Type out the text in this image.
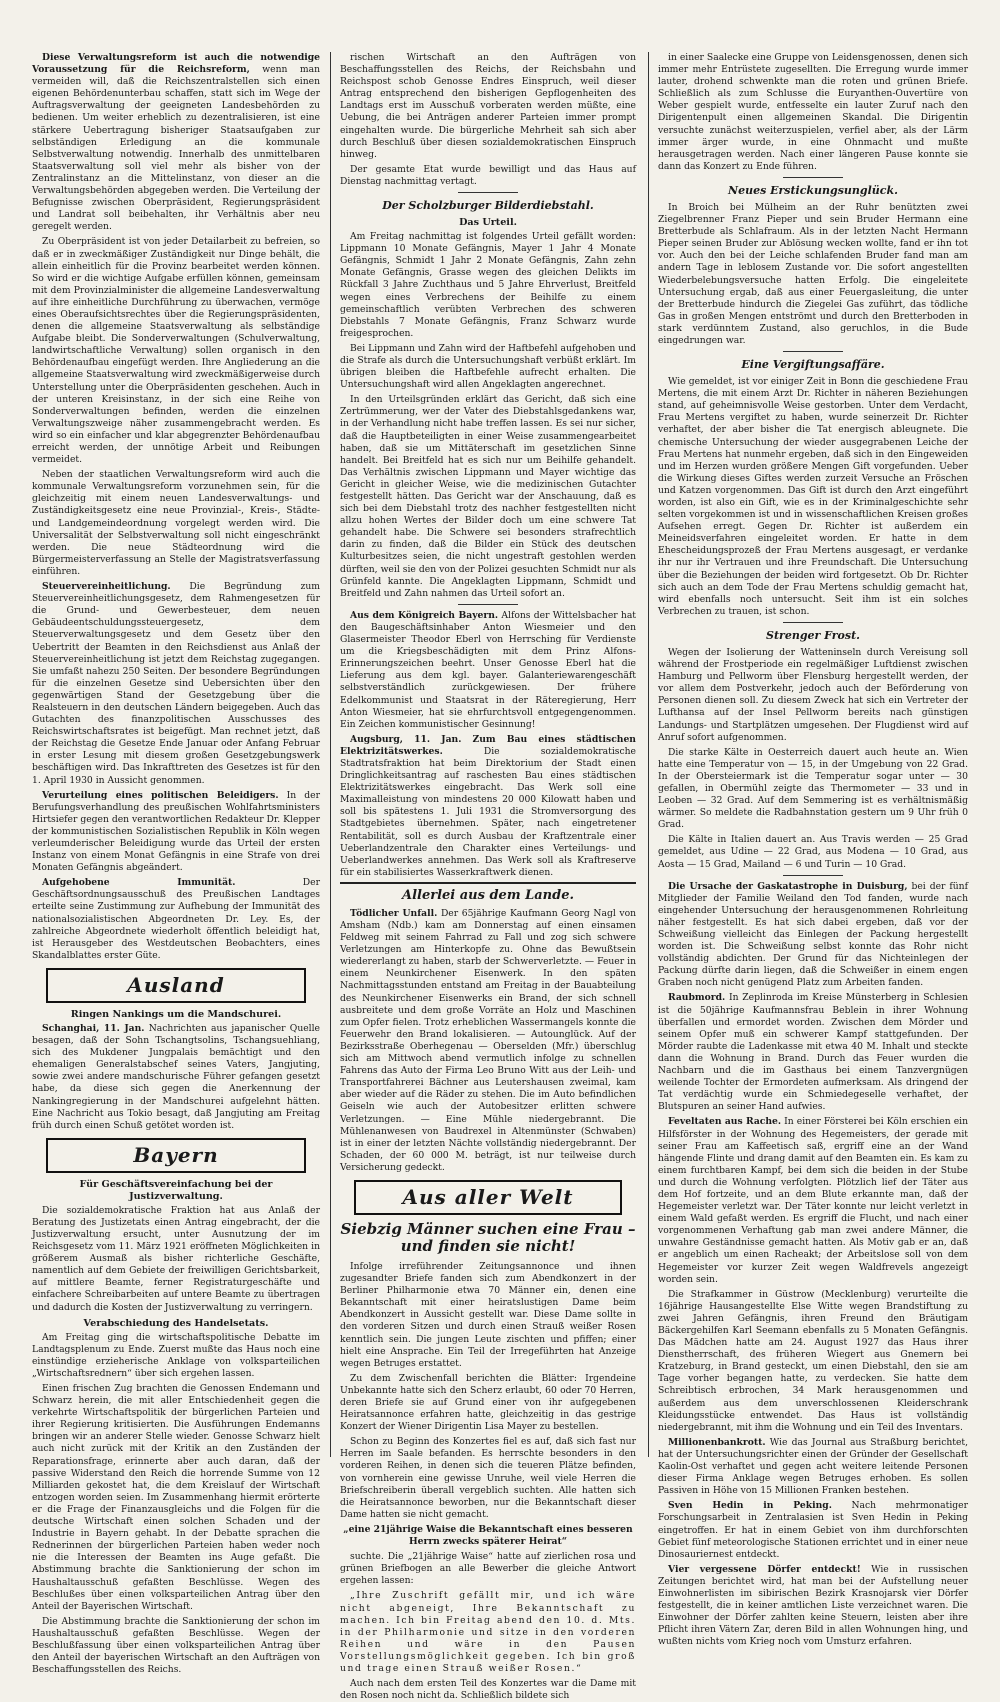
Diese Verwaltungsreform ist auch die notwendige Voraussetzung für die Reichsreform, wenn man vermeiden will, daß die Reichszentralstellen sich einen eigenen Behördenunterbau schaffen, statt sich im Wege der Auftragsverwaltung der geeigneten Landesbehörden zu bedienen. Um weiter erheblich zu dezentralisieren, ist eine stärkere Uebertragung bisheriger Staatsaufgaben zur selbständigen Erledigung an die kommunale Selbstverwaltung notwendig. Innerhalb des unmittelbaren Staatsverwaltung soll viel mehr als bisher von der Zentralinstanz an die Mittelinstanz, von dieser an die Verwaltungsbehörden abgegeben werden. Die Verteilung der Befugnisse zwischen Oberpräsident, Regierungspräsident und Landrat soll beibehalten, ihr Verhältnis aber neu geregelt werden.

Zu Oberpräsident ist von jeder Detailarbeit zu befreien, so daß er in zweckmäßiger Zuständigkeit nur Dinge behält, die allein einheitlich für die Provinz bearbeitet werden können. So wird er die wichtige Aufgabe erfüllen können, gemeinsam mit dem Provinzialminister die allgemeine Landesverwaltung auf ihre einheitliche Durchführung zu überwachen, vermöge eines Oberaufsichtsrechtes über die Regierungspräsidenten, denen die allgemeine Staatsverwaltung als selbständige Aufgabe bleibt. Die Sonderverwaltungen (Schulverwaltung, landwirtschaftliche Verwaltung) sollen organisch in den Behördenaufbau eingefügt werden. Ihre Angliederung an die allgemeine Staatsverwaltung wird zweckmäßigerweise durch Unterstellung unter die Oberpräsidenten geschehen. Auch in der unteren Kreisinstanz, in der sich eine Reihe von Sonderverwaltungen befinden, werden die einzelnen Verwaltungszweige näher zusammengebracht werden. Es wird so ein einfacher und klar abgegrenzter Behördenaufbau erreicht werden, der unnötige Arbeit und Reibungen vermeidet.

Neben der staatlichen Verwaltungsreform wird auch die kommunale Verwaltungsreform vorzunehmen sein, für die gleichzeitig mit einem neuen Landesverwaltungs- und Zuständigkeitsgesetz eine neue Provinzial-, Kreis-, Städte- und Landgemeindeordnung vorgelegt werden wird. Die Universalität der Selbstverwaltung soll nicht eingeschränkt werden. Die neue Städteordnung wird die Bürgermeisterverfassung an Stelle der Magistratsverfassung einführen.

Steuervereinheitlichung. Die Begründung zum Steuervereinheitlichungsgesetz, dem Rahmengesetzen für die Grund- und Gewerbesteuer, dem neuen Gebäudeentschuldungssteuergesetz, dem Steuerverwaltungsgesetz und dem Gesetz über den Uebertritt der Beamten in den Reichsdienst aus Anlaß der Steuervereinheitlichung ist jetzt dem Reichstag zugegangen. Sie umfaßt nahezu 250 Seiten. Der besondere Begründungen für die einzelnen Gesetze sind Uebersichten über den gegenwärtigen Stand der Gesetzgebung über die Realsteuern in den deutschen Ländern beigegeben. Auch das Gutachten des finanzpolitischen Ausschusses des Reichswirtschaftsrates ist beigefügt. Man rechnet jetzt, daß der Reichstag die Gesetze Ende Januar oder Anfang Februar in erster Lesung mit diesem großen Gesetzgebungswerk beschäftigen wird. Das Inkrafttreten des Gesetzes ist für den 1. April 1930 in Aussicht genommen.

Verurteilung eines politischen Beleidigers. In der Berufungsverhandlung des preußischen Wohlfahrtsministers Hirtsiefer gegen den verantwortlichen Redakteur Dr. Klepper der kommunistischen Sozialistischen Republik in Köln wegen verleumderischer Beleidigung wurde das Urteil der ersten Instanz von einem Monat Gefängnis in eine Strafe von drei Monaten Gefängnis abgeändert.

Aufgehobene Immunität.	Der Geschäftsordnungsausschuß des Preußischen Landtages erteilte seine Zustimmung zur Aufhebung der Immunität des nationalsozialistischen Abgeordneten Dr. Ley. Es, der zahlreiche Abgeordnete wiederholt öffentlich beleidigt hat, ist Herausgeber des Westdeutschen Beobachters, eines Skandalblattes erster Güte.

Ausland
Ringen Nankings um die Mandschurei.

Schanghai, 11. Jan. Nachrichten aus japanischer Quelle besagen, daß der Sohn Tschangtsolins, Tschangsuehliang, sich des Mukdener Jungpalais bemächtigt und den ehemaligen Generalstabschef seines Vaters, Jangjuting, sowie zwei andere mandschurische Führer gefangen gesetzt habe, da diese sich gegen die Anerkennung der Nankingregierung in der Mandschurei aufgelehnt hätten. Eine Nachricht aus Tokio besagt, daß Jangjuting am Freitag früh durch einen Schuß getötet worden ist.

Bayern
Für Geschäftsvereinfachung bei der Justizverwaltung.

Die sozialdemokratische Fraktion hat aus Anlaß der Beratung des Justizetats einen Antrag eingebracht, der die Justizverwaltung ersucht, unter Ausnutzung der im Reichsgesetz vom 11. März 1921 eröffneten Möglichkeiten in größerem Ausmaß als bisher richterliche Geschäfte, namentlich auf dem Gebiete der freiwilligen Gerichtsbarkeit, auf mittlere Beamte, ferner Registraturgeschäfte und einfachere Schreibarbeiten auf untere Beamte zu übertragen und dadurch die Kosten der Justizverwaltung zu verringern.

Verabschiedung des Handelsetats.

Am Freitag ging die wirtschaftspolitische Debatte im Landtagsplenum zu Ende. Zuerst mußte das Haus noch eine einstündige erzieherische Anklage von volksparteilichen „Wirtschaftsrednern“ über sich ergehen lassen.

Einen frischen Zug brachten die Genossen Endemann und Schwarz herein, die mit aller Entschiedenheit gegen die verkehrte Wirtschaftspolitik der bürgerlichen Parteien und ihrer Regierung kritisierten. Die Ausführungen Endemanns bringen wir an anderer Stelle wieder. Genosse Schwarz hielt auch nicht zurück mit der Kritik an den Zuständen der Reparationsfrage, erinnerte aber auch daran, daß der passive Widerstand den Reich die horrende Summe von 12 Milliarden gekostet hat, die dem Kreislauf der Wirtschaft entzogen worden seien. Im Zusammenhang hiermit erörterte er die Frage der Finanzausgleichs und die Folgen für die deutsche Wirtschaft einen solchen Schaden und der Industrie in Bayern gehabt. In der Debatte sprachen die Rednerinnen der bürgerlichen Parteien haben weder noch nie die Interessen der Beamten ins Auge gefaßt. Die Abstimmung brachte die Sanktionierung der schon im Haushaltausschuß gefaßten Beschlüsse. Wegen des Beschlußes über einen volksparteilichen Antrag über den Anteil der Bayerischen Wirtschaft.

Die Abstimmung brachte die Sanktionierung der schon im Haushaltausschuß gefaßten Beschlüsse. Wegen der Beschlußfassung über einen volksparteilichen Antrag über den Anteil der bayerischen Wirtschaft an den Aufträgen von Beschaffungsstellen des Reichs.

rischen Wirtschaft an den Aufträgen von Beschaffungsstellen des Reichs, der Reichsbahn und Reichspost schob Genosse Endres Einspruch, weil dieser Antrag entsprechend den bisherigen Gepflogenheiten des Landtags erst im Ausschuß vorberaten werden müßte, eine Uebung, die bei Anträgen anderer Parteien immer prompt eingehalten wurde. Die bürgerliche Mehrheit sah sich aber durch Beschluß über diesen sozialdemokratischen Einspruch hinweg.

Der gesamte Etat wurde bewilligt und das Haus auf Dienstag nachmittag vertagt.

Der Scholzburger Bilderdiebstahl.
Das Urteil.

Am Freitag nachmittag ist folgendes Urteil gefällt worden: Lippmann 10 Monate Gefängnis, Mayer 1 Jahr 4 Monate Gefängnis, Schmidt 1 Jahr 2 Monate Gefängnis, Zahn zehn Monate Gefängnis, Grasse wegen des gleichen Delikts im Rückfall 3 Jahre Zuchthaus und 5 Jahre Ehrverlust, Breitfeld wegen eines Verbrechens der Beihilfe zu einem gemeinschaftlich verübten Verbrechen des schweren Diebstahls 7 Monate Gefängnis, Franz Schwarz wurde freigesprochen.

Bei Lippmann und Zahn wird der Haftbefehl aufgehoben und die Strafe als durch die Untersuchungshaft verbüßt erklärt. Im übrigen bleiben die Haftbefehle aufrecht erhalten. Die Untersuchungshaft wird allen Angeklagten angerechnet.

In den Urteilsgründen erklärt das Gericht, daß sich eine Zertrümmerung, wer der Vater des Diebstahlsgedankens war, in der Verhandlung nicht habe treffen lassen. Es sei nur sicher, daß die Hauptbeteiligten in einer Weise zusammengearbeitet haben, daß sie um Mittäterschaft im gesetzlichen Sinne handelt. Bei Breitfeld hat es sich nur um Beihilfe gehandelt. Das Verhältnis zwischen Lippmann und Mayer wichtige das Gericht in gleicher Weise, wie die medizinischen Gutachter festgestellt hätten. Das Gericht war der Anschauung, daß es sich bei dem Diebstahl trotz des nachher festgestellten nicht allzu hohen Wertes der Bilder doch um eine schwere Tat gehandelt habe. Die Schwere sei besonders strafrechtlich darin zu finden, daß die Bilder ein Stück des deutschen Kulturbesitzes seien, die nicht ungestraft gestohlen werden dürften, weil sie den von der Polizei gesuchten Schmidt nur als Grünfeld kannte. Die Angeklagten Lippmann, Schmidt und Breitfeld und Zahn nahmen das Urteil sofort an.

Aus dem Königreich Bayern. Alfons der Wittelsbacher hat den Baugeschäftsinhaber Anton Wiesmeier und den Glasermeister Theodor Eberl von Herrsching für Verdienste um die Kriegsbeschädigten mit dem Prinz Alfons-Erinnerungszeichen beehrt. Unser Genosse Eberl hat die Lieferung aus dem kgl. bayer. Galanteriewarengeschäft selbstverständlich zurückgewiesen. Der frühere Edelkommunist und Staatsrat in der Räteregierung, Herr Anton Wiesmeier, hat sie ehrfurchtsvoll entgegengenommen. Ein Zeichen kommunistischer Gesinnung!

Augsburg, 11. Jan. Zum Bau eines städtischen Elektrizitätswerkes.	Die sozialdemokratische Stadtratsfraktion hat beim Direktorium der Stadt einen Dringlichkeitsantrag auf raschesten Bau eines städtischen Elektrizitätswerkes eingebracht. Das Werk soll eine Maximalleistung von mindestens 20 000 Kilowatt haben und soll bis spätestens 1. Juli 1931 die Stromversorgung des Stadtgebietes übernehmen. Später, nach eingetretener Rentabilität, soll es durch Ausbau der Kraftzentrale einer Ueberlandzentrale den Charakter eines Verteilungs- und Ueberlandwerkes annehmen. Das Werk soll als Kraftreserve für ein stabilisiertes Wasserkraftwerk dienen.

Allerlei aus dem Lande.

Tödlicher Unfall. Der 65jährige Kaufmann Georg Nagl von Amsham (Ndb.) kam am Donnerstag auf einen einsamen Feldweg mit seinem Fahrrad zu Fall und zog sich schwere Verletzungen am Hinterkopfe zu. Ohne das Bewußtsein wiedererlangt zu haben, starb der Schwerverletzte. — Feuer in einem Neunkirchener Eisenwerk. In den späten Nachmittagsstunden entstand am Freitag in der Bauabteilung des Neunkirchener Eisenwerks ein Brand, der sich schnell ausbreitete und dem große Vorräte an Holz und Maschinen zum Opfer fielen. Trotz erheblichen Wassermangels konnte die Feuerwehr den Brand lokalisieren. — Autounglück. Auf der Bezirksstraße Oberhegenau — Oberselden (Mfr.) überschlug sich am Mittwoch abend vermutlich infolge zu schnellen Fahrens das Auto der Firma Leo Bruno Witt aus der Leih- und Transportfahrerei Bächner aus Leutershausen zweimal, kam aber wieder auf die Räder zu stehen. Die im Auto befindlichen Geiseln wie auch der Autobesitzer erlitten schwere Verletzungen. — Eine Mühle niedergebrannt. Die Mühlenanwesen von Baudrexel in Altenmünster (Schwaben) ist in einer der letzten Nächte vollständig niedergebrannt. Der Schaden, der 60 000 M. beträgt, ist nur teilweise durch Versicherung gedeckt.

Aus aller Welt
Siebzig Männer suchen eine Frau – und finden sie nicht!

Infolge irreführender Zeitungsannonce und ihnen zugesandter Briefe fanden sich zum Abendkonzert in der Berliner Philharmonie etwa 70 Männer ein, denen eine Bekanntschaft mit einer heiratslustigen Dame beim Abendkonzert in Aussicht gestellt war. Diese Dame sollte in den vorderen Sitzen und durch einen Strauß weißer Rosen kenntlich sein. Die jungen Leute zischten und pfiffen; einer hielt eine Ansprache. Ein Teil der Irregeführten hat Anzeige wegen Betruges erstattet.

Zu dem Zwischenfall berichten die Blätter: Irgendeine Unbekannte hatte sich den Scherz erlaubt, 60 oder 70 Herren, deren Briefe sie auf Grund einer von ihr aufgegebenen Heiratsannonce erfahren hatte, gleichzeitig in das gestrige Konzert der Wiener Dirigentin Lisa Mayer zu bestellen.

Schon zu Beginn des Konzertes fiel es auf, daß sich fast nur Herren im Saale befanden. Es herrschte besonders in den vorderen Reihen, in denen sich die teueren Plätze befinden, von vornherein eine gewisse Unruhe, weil viele Herren die Briefschreiberin überall vergeblich suchten. Alle hatten sich die Heiratsannonce beworben, nur die Bekanntschaft dieser Dame hatten sie nicht gemacht.

„eine 21jährige Waise die Bekanntschaft eines besseren Herrn zwecks späterer Heirat“

suchte. Die „21jährige Waise“ hatte auf zierlichen rosa und grünen Briefbogen an alle Bewerber die gleiche Antwort ergehen lassen:

„Ihre Zuschrift gefällt mir, und ich wäre nicht abgeneigt, Ihre Bekanntschaft zu machen. Ich bin Freitag abend den 10. d. Mts. in der Philharmonie und sitze in den vorderen Reihen und wäre in den Pausen Vorstellungsmöglichkeit gegeben. Ich bin groß und trage einen Strauß weißer Rosen.“

Auch nach dem ersten Teil des Konzertes war die Dame mit den Rosen noch nicht da. Schließlich bildete sich

in einer Saalecke eine Gruppe von Leidensgenossen, denen sich immer mehr Entrüstete zugesellten. Die Erregung wurde immer lauter, drohend schwenkte man die roten und grünen Briefe. Schließlich als zum Schlusse die Euryanthen-Ouvertüre von Weber gespielt wurde, entfesselte ein lauter Zuruf nach den Dirigentenpult einen allgemeinen Skandal. Die Dirigentin versuchte zunächst weiterzuspielen, verfiel aber, als der Lärm immer ärger wurde, in eine Ohnmacht und mußte herausgetragen werden. Nach einer längeren Pause konnte sie dann das Konzert zu Ende führen.

Neues Erstickungsunglück.

In Broich bei Mülheim an der Ruhr benützten zwei Ziegelbrenner Franz Pieper und sein Bruder Hermann eine Bretterbude als Schlafraum. Als in der letzten Nacht Hermann Pieper seinen Bruder zur Ablösung wecken wollte, fand er ihn tot vor. Auch den bei der Leiche schlafenden Bruder fand man am andern Tage in leblosem Zustande vor. Die sofort angestellten Wiederbelebungsversuche hatten Erfolg. Die eingeleitete Untersuchung ergab, daß aus einer Feuergasleitung, die unter der Bretterbude hindurch die Ziegelei Gas zuführt, das tödliche Gas in großen Mengen entströmt und durch den Bretterboden in stark verdünntem Zustand, also geruchlos, in die Bude eingedrungen war.

Eine Vergiftungsaffäre.

Wie gemeldet, ist vor einiger Zeit in Bonn die geschiedene Frau Mertens, die mit einem Arzt Dr. Richter in näheren Beziehungen stand, auf geheimnisvolle Weise gestorben. Unter dem Verdacht, Frau Mertens vergiftet zu haben, wurde seinerzeit Dr. Richter verhaftet, der aber bisher die Tat energisch ableugnete. Die chemische Untersuchung der wieder ausgegrabenen Leiche der Frau Mertens hat nunmehr ergeben, daß sich in den Eingeweiden und im Herzen wurden größere Mengen Gift vorgefunden. Ueber die Wirkung dieses Giftes werden zurzeit Versuche an Fröschen und Katzen vorgenommen. Das Gift ist durch den Arzt eingeführt worden, ist also ein Gift, wie es in der Kriminalgeschichte sehr selten vorgekommen ist und in wissenschaftlichen Kreisen großes Aufsehen erregt. Gegen Dr. Richter ist außerdem ein Meineidsverfahren eingeleitet worden. Er hatte in dem Ehescheidungsprozeß der Frau Mertens ausgesagt, er verdanke ihr nur ihr Vertrauen und ihre Freundschaft. Die Untersuchung über die Beziehungen der beiden wird fortgesetzt. Ob Dr. Richter sich auch an dem Tode der Frau Mertens schuldig gemacht hat, wird ebenfalls noch untersucht. Seit ihm ist ein solches Verbrechen zu trauen, ist schon.

Strenger Frost.

Wegen der Isolierung der Watteninseln durch Vereisung soll während der Frostperiode ein regelmäßiger Luftdienst zwischen Hamburg und Pellworm über Flensburg hergestellt werden, der vor allem dem Postverkehr, jedoch auch der Beförderung von Personen dienen soll. Zu diesem Zweck hat sich ein Vertreter der Lufthansa auf der Insel Pellworm bereits nach günstigen Landungs- und Startplätzen umgesehen. Der Flugdienst wird auf Anruf sofort aufgenommen.

Die starke Kälte in Oesterreich dauert auch heute an. Wien hatte eine Temperatur von — 15, in der Umgebung von 22 Grad. In der Obersteiermark ist die Temperatur sogar unter — 30 gefallen, in Obermühl zeigte das Thermometer — 33 und in Leoben — 32 Grad. Auf dem Semmering ist es verhältnismäßig wärmer. So meldete die Radbahnstation gestern um 9 Uhr früh 0 Grad.

Die Kälte in Italien dauert an. Aus Travis werden — 25 Grad gemeldet, aus Udine — 22 Grad, aus Modena — 10 Grad, aus Aosta — 15 Grad, Mailand — 6 und Turin — 10 Grad.

Die Ursache der Gaskatastrophe in Duisburg, bei der fünf Mitglieder der Familie Weiland den Tod fanden, wurde nach eingehender Untersuchung der herausgenommenen Rohrleitung näher festgestellt. Es hat sich dabei ergeben, daß vor der Schweißung vielleicht das Einlegen der Packung hergestellt worden ist. Die Schweißung selbst konnte das Rohr nicht vollständig abdichten. Der Grund für das Nichteinlegen der Packung dürfte darin liegen, daß die Schweißer in einem engen Graben noch nicht genügend Platz zum Arbeiten fanden.

Raubmord. In Zeplinroda im Kreise Münsterberg in Schlesien ist die 50jährige Kaufmannsfrau Beblein in ihrer Wohnung überfallen und ermordet worden. Zwischen dem Mörder und seinem Opfer muß ein schwerer Kampf stattgefunden. Der Mörder raubte die Ladenkasse mit etwa 40 M. Inhalt und steckte dann die Wohnung in Brand. Durch das Feuer wurden die Nachbarn und die im Gasthaus bei einem Tanzvergnügen weilende Tochter der Ermordeten aufmerksam. Als dringend der Tat verdächtig wurde ein Schmiedegeselle verhaftet, der Blutspuren an seiner Hand aufwies.

Feveltaten aus Rache. In einer Försterei bei Köln erschien ein Hilfsförster in der Wohnung des Hegemeisters, der gerade mit seiner Frau am Kaffeetisch saß, ergriff eine an der Wand hängende Flinte und drang damit auf den Beamten ein. Es kam zu einem furchtbaren Kampf, bei dem sich die beiden in der Stube und durch die Wohnung verfolgten. Plötzlich lief der Täter aus dem Hof fortzeite, und an dem Blute erkannte man, daß der Hegemeister verletzt war. Der Täter konnte nur leicht verletzt in einem Wald gefaßt werden. Es ergriff die Flucht, und nach einer vorgenommenen Verhaftung gab man zwei andere Männer, die unwahre Geständnisse gemacht hatten. Als Motiv gab er an, daß er angeblich um einen Racheakt; der Arbeitslose soll von dem Hegemeister vor kurzer Zeit wegen Waldfrevels angezeigt worden sein.

Die Strafkammer in Güstrow (Mecklenburg) verurteilte die 16jährige Hausangestellte Else Witte wegen Brandstiftung zu zwei Jahren Gefängnis, ihren Freund den Bräutigam Bäckergehilfen Karl Seemann ebenfalls zu 5 Monaten Gefängnis. Das Mädchen hatte am 24. August 1927 das Haus ihrer Dienstherrschaft, des früheren Wiegert aus Gnemern bei Kratzeburg, in Brand gesteckt, um einen Diebstahl, den sie am Tage vorher begangen hatte, zu verdecken. Sie hatte dem Schreibtisch erbrochen, 34 Mark herausgenommen und außerdem aus dem unverschlossenen Kleiderschrank Kleidungsstücke entwendet. Das Haus ist vollständig niedergebrannt, mit ihm die Wohnung und ein Teil des Inventars.

Millionenbankrott. Wie das Journal aus Straßburg berichtet, hat der Untersuchungsrichter einen der Gründer der Gesellschaft Kaolin-Ost verhaftet und gegen acht weitere leitende Personen dieser Firma Anklage wegen Betruges erhoben. Es sollen Passiven in Höhe von 15 Millionen Franken bestehen.

Sven Hedin in Peking. Nach mehrmonatiger Forschungsarbeit in Zentralasien ist Sven Hedin in Peking eingetroffen. Er hat in einem Gebiet von ihm durchforschten Gebiet fünf meteorologische Stationen errichtet und in einer neue Dinosauriernest entdeckt.

Vier vergessene Dörfer entdeckt! Wie in russischen Zeitungen berichtet wird, hat man bei der Aufstellung neuer Einwohnerlisten im sibirischen Bezirk Krasnojarsk vier Dörfer festgestellt, die in keiner amtlichen Liste verzeichnet waren. Die Einwohner der Dörfer zahlten keine Steuern, leisten aber ihre Pflicht ihren Vätern Zar, deren Bild in allen Wohnungen hing, und wußten nichts vom Krieg noch vom Umsturz erfahren.
